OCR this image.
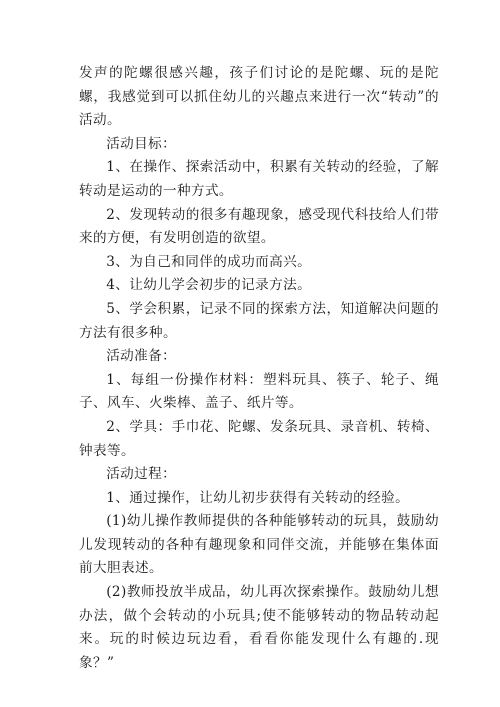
发声的陀螺很感兴趣，孩子们讨论的是陀螺、玩的是陀螺，我感觉到可以抓住幼儿的兴趣点来进行一次“转动”的活动。

活动目标：

1、在操作、探索活动中，积累有关转动的经验，了解转动是运动的一种方式。

2、发现转动的很多有趣现象，感受现代科技给人们带来的方便，有发明创造的欲望。

3、为自己和同伴的成功而高兴。

4、让幼儿学会初步的记录方法。

5、学会积累，记录不同的探索方法，知道解决问题的方法有很多种。

活动准备：

1、每组一份操作材料：塑料玩具、筷子、轮子、绳子、风车、火柴棒、盖子、纸片等。

2、学具：手巾花、陀螺、发条玩具、录音机、转椅、钟表等。

活动过程：

1、通过操作，让幼儿初步获得有关转动的经验。

(1)幼儿操作教师提供的各种能够转动的玩具，鼓励幼儿发现转动的各种有趣现象和同伴交流，并能够在集体面前大胆表述。

(2)教师投放半成品，幼儿再次探索操作。鼓励幼儿想办法，做个会转动的小玩具;使不能够转动的物品转动起来。玩的时候边玩边看，看看你能发现什么有趣的.现象？”
